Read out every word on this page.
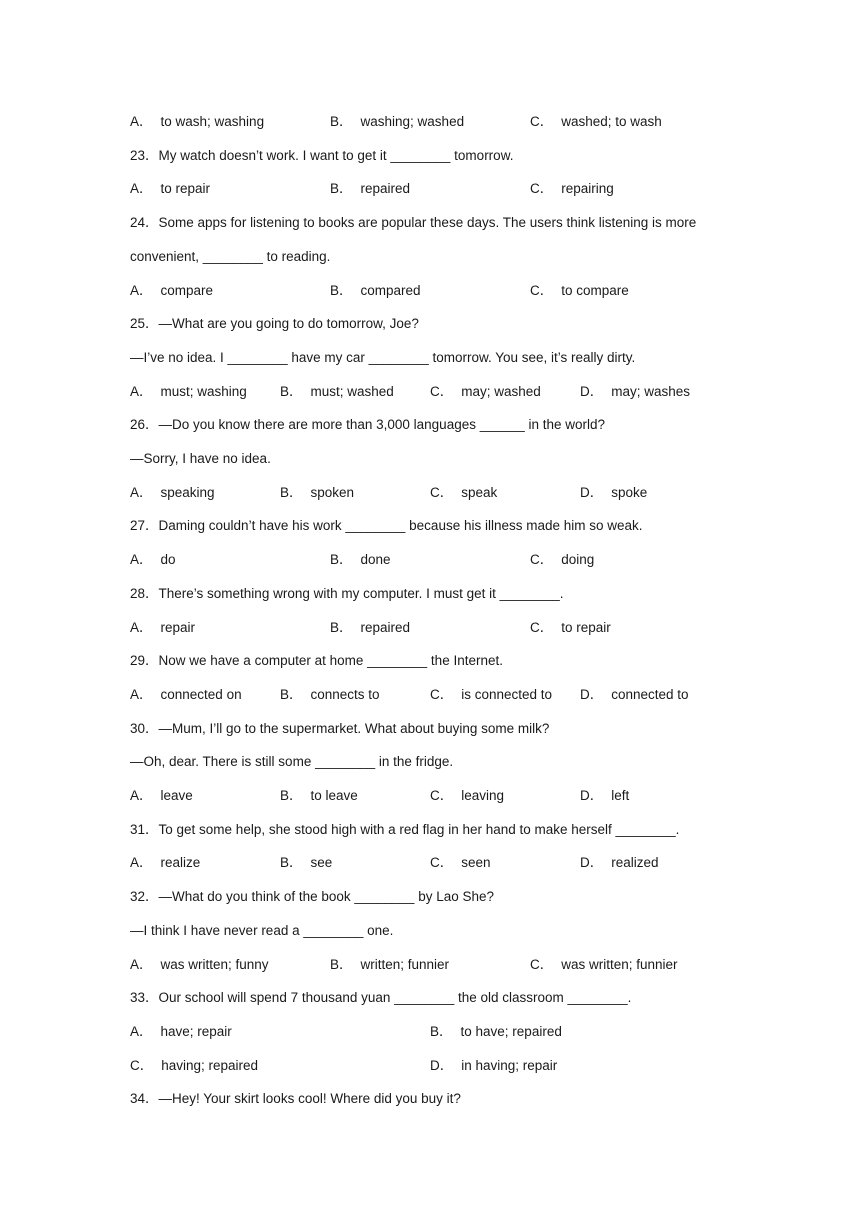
A． to wash; washing	B． washing; washed	C． washed; to wash
23．My watch doesn’t work. I want to get it ________ tomorrow.
A． to repair	B． repaired	C． repairing
24．Some apps for listening to books are popular these days. The users think listening is more
convenient, ________ to reading.
A． compare	B． compared	C． to compare
25．—What are you going to do tomorrow, Joe?
—I’ve no idea. I ________ have my car ________ tomorrow. You see, it’s really dirty.
A． must; washing B． must; washed	C． may; washed	D． may; washes
26．—Do you know there are more than 3,000 languages ______ in the world?
—Sorry, I have no idea.
A． speaking	B． spoken	C． speak	D． spoke
27．Daming couldn’t have his work ________ because his illness made him so weak.
A． do	B． done	C． doing
28．There’s something wrong with my computer. I must get it ________.
A． repair	B． repaired	C． to repair
29．Now we have a computer at home ________ the Internet.
A． connected on	B． connects to	C． is connected to D． connected to
30．—Mum, I’ll go to the supermarket. What about buying some milk?
—Oh, dear. There is still some ________ in the fridge.
A． leave	B． to leave	C． leaving	D． left
31．To get some help, she stood high with a red flag in her hand to make herself ________.
A． realize	B． see	C． seen	D． realized
32．—What do you think of the book ________ by Lao She?
—I think I have never read a ________ one.
A． was written; funny	B． written; funnier	C． was written; funnier
33．Our school will spend 7 thousand yuan ________ the old classroom ________.
A． have; repair	B． to have; repaired
C． having; repaired	D． in having; repair
34．—Hey! Your skirt looks cool! Where did you buy it?
